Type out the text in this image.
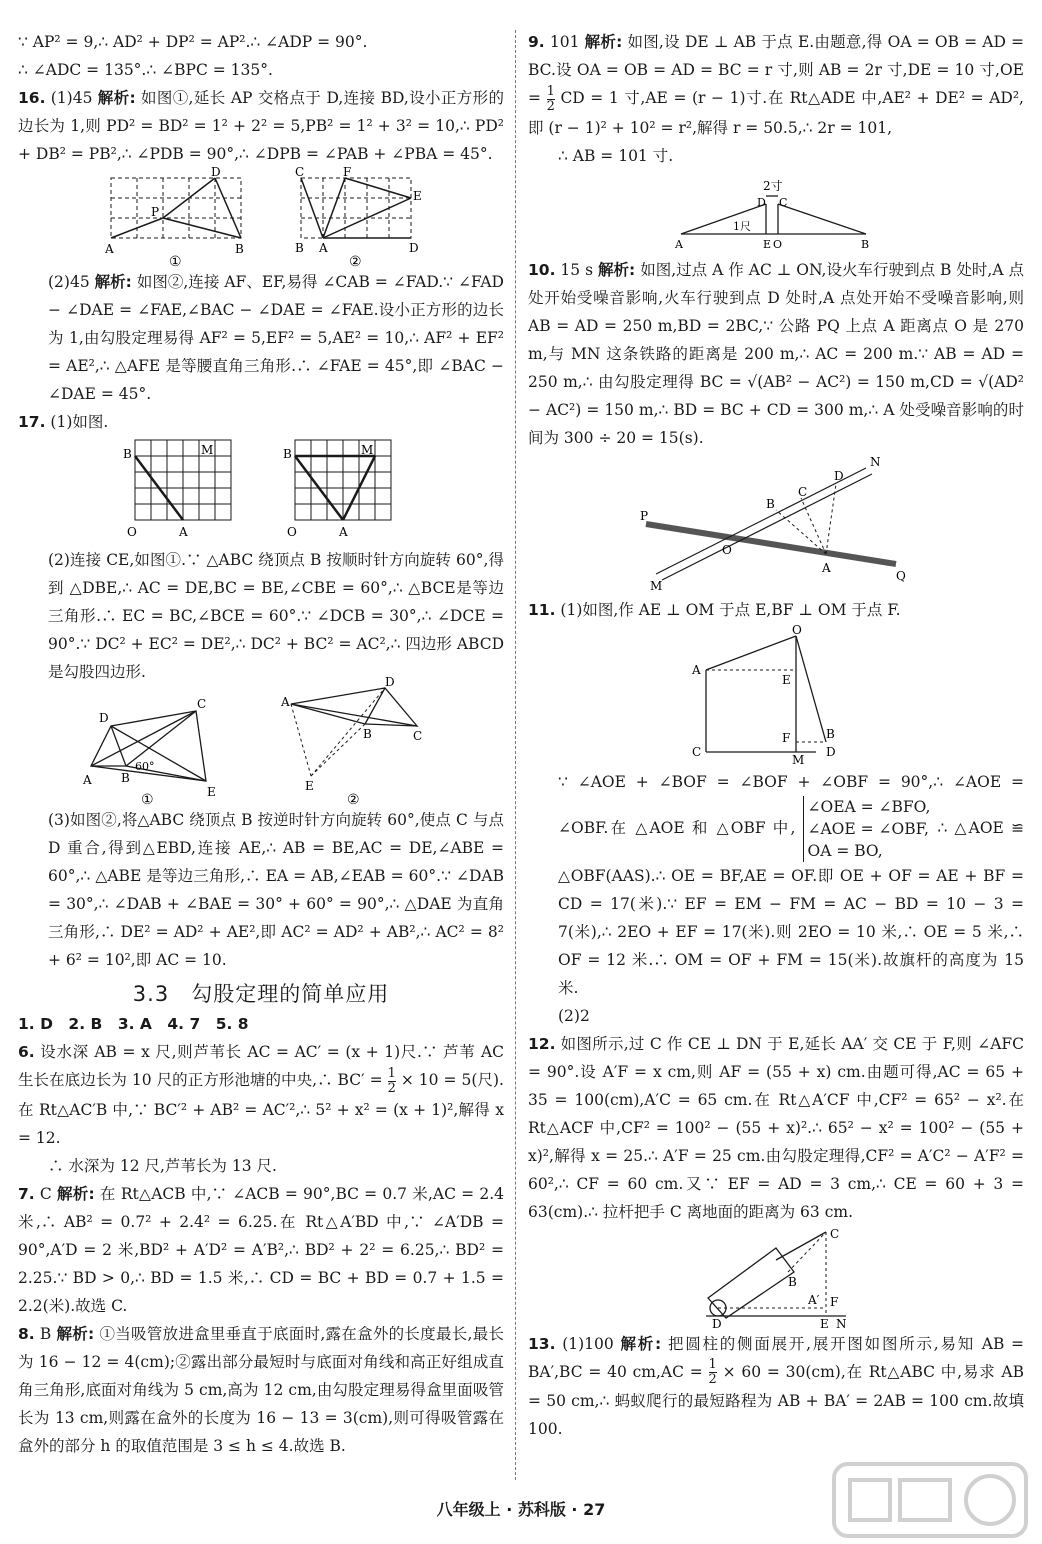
∵ AP² = 9,∴ AD² + DP² = AP².∴ ∠ADP = 90°.

∴ ∠ADC = 135°.∴ ∠BPC = 135°.

16. (1)45 解析: 如图①,延长 AP 交格点于 D,连接 BD,设小正方形的边长为 1,则 PD² = BD² = 1² + 2² = 5,PB² = 1² + 3² = 10,∴ PD² + DB² = PB²,∴ ∠PDB = 90°,∴ ∠DPB = ∠PAB + ∠PBA = 45°.

A	B
P
D
①
C	F
E
D
B A
②

(2)45 解析: 如图②,连接 AF、EF,易得 ∠CAB = ∠FAD.∵ ∠FAD − ∠DAE = ∠FAE,∠BAC − ∠DAE = ∠FAE.设小正方形的边长为 1,由勾股定理易得 AF² = 5,EF² = 5,AE² = 10,∴ AF² + EF² = AE²,∴ △AFE 是等腰直角三角形.∴ ∠FAE = 45°,即 ∠BAC − ∠DAE = 45°.

17. (1)如图.

B	M
O	A
B	M
O	A

(2)连接 CE,如图①.∵ △ABC 绕顶点 B 按顺时针方向旋转 60°,得到 △DBE,∴ AC = DE,BC = BE,∠CBE = 60°,∴ △BCE是等边三角形.∴ EC = BC,∠BCE = 60°.∵ ∠DCB = 30°,∴ ∠DCE = 90°.∵ DC² + EC² = DE²,∴ DC² + BC² = AC²,∴ 四边形 ABCD 是勾股四边形.

D
C
A B
E
60°
①
A
D
B	C
E
②

(3)如图②,将△ABC 绕顶点 B 按逆时针方向旋转 60°,使点 C 与点 D 重合,得到△EBD,连接 AE,∴ AB = BE,AC = DE,∠ABE = 60°,∴ △ABE 是等边三角形,∴ EA = AB,∠EAB = 60°.∵ ∠DAB = 30°,∴ ∠DAB + ∠BAE = 30° + 60° = 90°,∴ △DAE 为直角三角形,∴ DE² = AD² + AE²,即 AC² = AD² + AB²,∴ AC² = 8² + 6² = 10²,即 AC = 10.

3.3　勾股定理的简单应用

1. D　2. B　3. A　4. 7　5. 8

6. 设水深 AB = x 尺,则芦苇长 AC = AC′ = (x + 1)尺.∵ 芦苇 AC 生长在底边长为 10 尺的正方形池塘的中央,∴ $BC' = \frac{1}{2} \times 10 = 5$(尺).在 Rt△AC′B 中,∵ BC′² + AB² = AC′²,∴ 5² + x² = (x + 1)²,解得 x = 12.

∴ 水深为 12 尺,芦苇长为 13 尺.

7. C 解析: 在 Rt△ACB 中,∵ ∠ACB = 90°,BC = 0.7 米,AC = 2.4 米,∴ AB² = 0.7² + 2.4² = 6.25.在 Rt△A′BD 中,∵ ∠A′DB = 90°,A′D = 2 米,BD² + A′D² = A′B²,∴ BD² + 2² = 6.25,∴ BD² = 2.25.∵ BD > 0,∴ BD = 1.5 米,∴ CD = BC + BD = 0.7 + 1.5 = 2.2(米).故选 C.

8. B 解析: ①当吸管放进盒里垂直于底面时,露在盒外的长度最长,最长为 16 − 12 = 4(cm);②露出部分最短时与底面对角线和高正好组成直角三角形,底面对角线为 5 cm,高为 12 cm,由勾股定理易得盒里面吸管长为 13 cm,则露在盒外的长度为 16 − 13 = 3(cm),则可得吸管露在盒外的部分 h 的取值范围是 3 ≤ h ≤ 4.故选 B.

9. 101 解析: 如图,设 DE ⊥ AB 于点 E.由题意,得 OA = OB = AD = BC.设 OA = OB = AD = BC = r 寸,则 AB = 2r 寸,DE = 10 寸$,OE = \frac{1}{2}$ CD = 1 寸,AE = (r − 1)寸.在 Rt△ADE 中,AE² + DE² = AD²,即 (r − 1)² + 10² = r²,解得 r = 50.5,∴ 2r = 101,

∴ AB = 101 寸.

2寸
1尺
D C
A	E O	B

10. 15 s 解析: 如图,过点 A 作 AC ⊥ ON,设火车行驶到点 B 处时,A 点处开始受噪音影响,火车行驶到点 D 处时,A 点处开始不受噪音影响,则 AB = AD = 250 m,BD = 2BC,∵ 公路 PQ 上点 A 距离点 O 是 270 m,与 MN 这条铁路的距离是 200 m,∴ AC = 200 m.∵ AB = AD = 250 m,∴ 由勾股定理得 BC = √(AB² − AC²) = 150 m,CD = √(AD² − AC²) = 150 m,∴ BD = BC + CD = 300 m,∴ A 处受噪音影响的时间为 300 ÷ 20 = 15(s).

P
Q
M
N
O
A
B
C
D

11. (1)如图,作 AE ⊥ OM 于点 E,BF ⊥ OM 于点 F.

O
A
E
C
F
M
B
D

∵ ∠AOE + ∠BOF = ∠BOF + ∠OBF = 90°,∴ ∠AOE = ∠OBF.在 △AOE 和 △OBF 中,
∠OEA = ∠BFO,
∠AOE = ∠OBF,
OA = BO,
∴ △AOE ≌ △OBF(AAS).∴ OE = BF,AE = OF.即 OE + OF = AE + BF = CD = 17(米).∵ EF = EM − FM = AC − BD = 10 − 3 = 7(米),∴ 2EO + EF = 17(米).则 2EO = 10 米,∴ OE = 5 米,∴ OF = 12 米.∴ OM = OF + FM = 15(米).故旗杆的高度为 15 米.

(2)2

12. 如图所示,过 C 作 CE ⊥ DN 于 E,延长 AA′ 交 CE 于 F,则 ∠AFC = 90°.设 A′F = x cm,则 AF = (55 + x) cm.由题可得,AC = 65 + 35 = 100(cm),A′C = 65 cm.在 Rt△A′CF 中,CF² = 65² − x².在 Rt△ACF 中,CF² = 100² − (55 + x)².∴ 65² − x² = 100² − (55 + x)²,解得 x = 25.∴ A′F = 25 cm.由勾股定理得,CF² = A′C² − A′F² = 60²,∴ CF = 60 cm.又∵ EF = AD = 3 cm,∴ CE = 60 + 3 = 63(cm).∴ 拉杆把手 C 离地面的距离为 63 cm.

C
B
A′ F
D	E N

13. (1)100 解析: 把圆柱的侧面展开,展开图如图所示,易知 AB = BA′,BC = 40 $cm,AC = \frac{1}{2} \times 60 = 30(cm)$,在 Rt△ABC 中,易求 AB = 50 cm,∴ 蚂蚁爬行的最短路程为 AB + BA′ = 2AB = 100 cm.故填 100.

八年级上 · 苏科版 · 27
